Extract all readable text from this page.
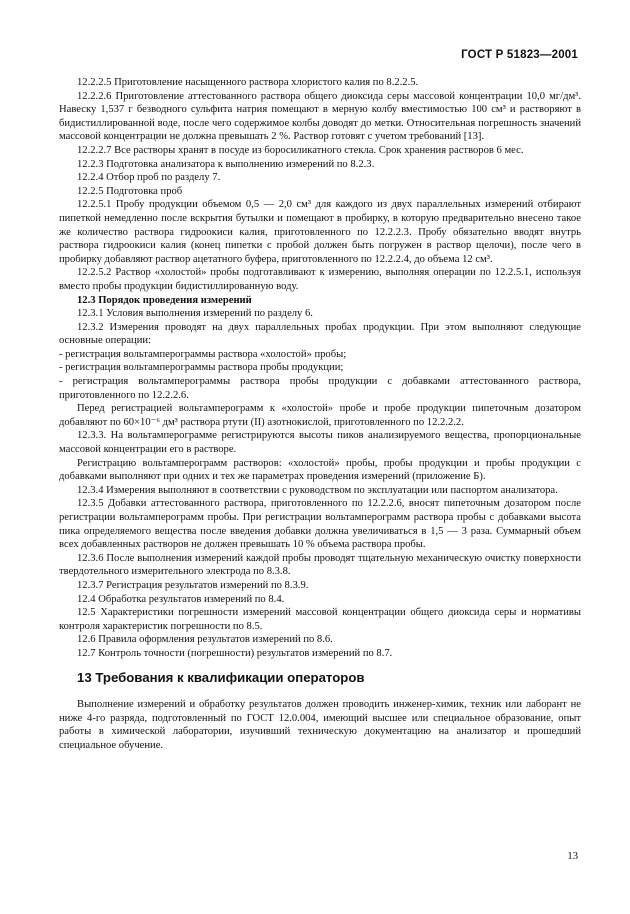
ГОСТ Р 51823—2001

12.2.2.5 Приготовление насыщенного раствора хлористого калия по 8.2.2.5.

12.2.2.6 Приготовление аттестованного раствора общего диоксида серы массовой концентрации 10,0 мг/дм³. Навеску 1,537 г безводного сульфита натрия помещают в мерную колбу вместимостью 100 см³ и растворяют в бидистиллированной воде, после чего содержимое колбы доводят до метки. Относительная погрешность значений массовой концентрации не должна превышать 2 %. Раствор готовят с учетом требований [13].

12.2.2.7 Все растворы хранят в посуде из боросиликатного стекла. Срок хранения растворов 6 мес.

12.2.3 Подготовка анализатора к выполнению измерений по 8.2.3.

12.2.4 Отбор проб по разделу 7.

12.2.5 Подготовка проб

12.2.5.1 Пробу продукции объемом 0,5 — 2,0 см³ для каждого из двух параллельных измерений отбирают пипеткой немедленно после вскрытия бутылки и помещают в пробирку, в которую предварительно внесено такое же количество раствора гидроокиси калия, приготовленного по 12.2.2.3. Пробу обязательно вводят внутрь раствора гидроокиси калия (конец пипетки с пробой должен быть погружен в раствор щелочи), после чего в пробирку добавляют раствор ацетатного буфера, приготовленного по 12.2.2.4, до объема 12 см³.

12.2.5.2 Раствор «холостой» пробы подготавливают к измерению, выполняя операции по 12.2.5.1, используя вместо пробы продукции бидистиллированную воду.

12.3 Порядок проведения измерений

12.3.1 Условия выполнения измерений по разделу 6.

12.3.2 Измерения проводят на двух параллельных пробах продукции. При этом выполняют следующие основные операции:

- регистрация вольтамперограммы раствора «холостой» пробы;

- регистрация вольтамперограммы раствора пробы продукции;

- регистрация вольтамперограммы раствора пробы продукции с добавками аттестованного раствора, приготовленного по 12.2.2.6.

Перед регистрацией вольтамперограмм к «холостой» пробе и пробе продукции пипеточным дозатором добавляют по 60×10⁻⁶ дм³ раствора ртути (II) азотнокислой, приготовленного по 12.2.2.2.

12.3.3. На вольтамперограмме регистрируются высоты пиков анализируемого вещества, пропорциональные массовой концентрации его в растворе.

Регистрацию вольтамперограмм растворов: «холостой» пробы, пробы продукции и пробы продукции с добавками выполняют при одних и тех же параметрах проведения измерений (приложение Б).

12.3.4 Измерения выполняют в соответствии с руководством по эксплуатации или паспортом анализатора.

12.3.5 Добавки аттестованного раствора, приготовленного по 12.2.2.6, вносят пипеточным дозатором после регистрации вольтамперограмм пробы. При регистрации вольтамперограмм раствора пробы с добавками высота пика определяемого вещества после введения добавки должна увеличиваться в 1,5 — 3 раза. Суммарный объем всех добавленных растворов не должен превышать 10 % объема раствора пробы.

12.3.6 После выполнения измерений каждой пробы проводят тщательную механическую очистку поверхности твердотельного измерительного электрода по 8.3.8.

12.3.7 Регистрация результатов измерений по 8.3.9.

12.4 Обработка результатов измерений по 8.4.

12.5 Характеристики погрешности измерений массовой концентрации общего диоксида серы и нормативы контроля характеристик погрешности по 8.5.

12.6 Правила оформления результатов измерений по 8.6.

12.7 Контроль точности (погрешности) результатов измерений по 8.7.

13 Требования к квалификации операторов

Выполнение измерений и обработку результатов должен проводить инженер-химик, техник или лаборант не ниже 4-го разряда, подготовленный по ГОСТ 12.0.004, имеющий высшее или специальное образование, опыт работы в химической лаборатории, изучивший техническую документацию на анализатор и прошедший специальное обучение.

13
